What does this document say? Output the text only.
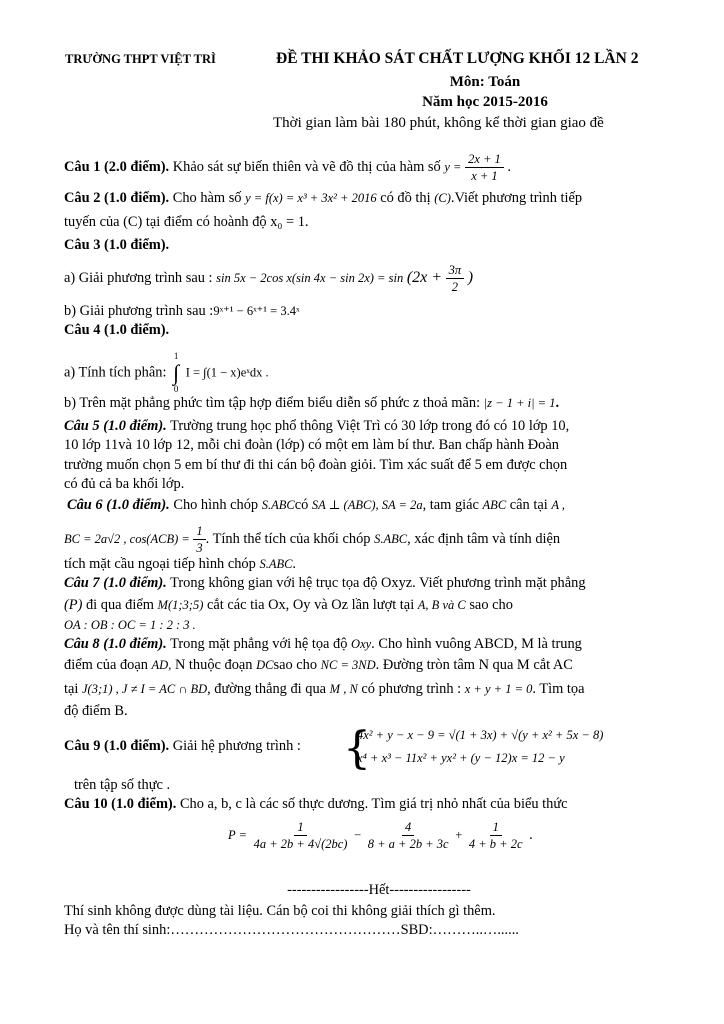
TRƯỜNG THPT VIỆT TRÌ	ĐỀ THI KHẢO SÁT CHẤT LƯỢNG KHỐI 12 LẦN 2
Môn: Toán
Năm học 2015-2016
Thời gian làm bài 180 phút, không kể thời gian giao đề
Câu 1 (2.0 điểm). Khảo sát sự biến thiên và vẽ đồ thị của hàm số $y = \frac{2x + 1}{x + 1}$ .
Câu 2 (1.0 điểm). Cho hàm số y = f(x) = x³ + 3x² + 2016 có đồ thị (C).Viết phương trình tiếp
tuyến của (C) tại điểm có hoành độ x₀ = 1.
Câu 3 (1.0 điểm).
a) Giải phương trình sau : sin 5x − 2cos x(sin $4x - \sin 2x) = \sin (2x + \frac{3\pi}{2}$ )
b) Giải phương trình sau :9ˣ⁺¹ − 6ˣ⁺¹ = 3.4ˣ
Câu 4 (1.0 điểm).
a) Tính tích phân:
1
∫
0
I = ∫(1 − x)eˣdx .
b) Trên mặt phẳng phức tìm tập hợp điểm biểu diễn số phức z thoả mãn: |z − 1 + i| = 1.
Câu 5 (1.0 điểm). Trường trung học phổ thông Việt Trì có 30 lớp trong đó có 10 lớp 10,
10 lớp 11và 10 lớp 12, mỗi chi đoàn (lớp) có một em làm bí thư. Ban chấp hành Đoàn
trường muốn chọn 5 em bí thư đi thi cán bộ đoàn giỏi. Tìm xác suất để 5 em được chọn
có đủ cả ba khối lớp.
Câu 6 (1.0 điểm). Cho hình chóp S.ABCcó SA ⊥ (ABC), SA = 2a, tam giác ABC cân tại A ,
BC = 2a√2 , $\cos(ACB) = \frac{1}{3}$ . Tính thể tích của khối chóp S.ABC, xác định tâm và tính diện
tích mặt cầu ngoại tiếp hình chóp S.ABC.
Câu 7 (1.0 điểm). Trong không gian với hệ trục tọa độ Oxyz. Viết phương trình mặt phẳng
(P) đi qua điểm M(1;3;5) cắt các tia Ox, Oy và Oz lần lượt tại A, B và C sao cho
OA : OB : OC = 1 : 2 : 3 .
Câu 8 (1.0 điểm). Trong mặt phẳng với hệ tọa độ Oxy. Cho hình vuông ABCD, M là trung
điểm của đoạn AD, N thuộc đoạn DCsao cho NC = 3ND. Đường tròn tâm N qua M cắt AC
tại J(3;1) , J ≠ I = AC ∩ BD, đường thẳng đi qua M , N có phương trình : x + y + 1 = 0. Tìm tọa
độ điểm B.
Câu 9 (1.0 điểm). Giải hệ phương trình : {
4x² + y − x − 9 = √(1 + 3x) + √(y + x² + 5x − 8)
x⁴ + x³ − 11x² + yx² + (y − 12)x = 12 − y
trên tập số thực .
Câu 10 (1.0 điểm). Cho a, b, c là các số thực dương. Tìm giá trị nhỏ nhất của biểu thức
$P = \frac{1}{4a + 2b + 4√(2bc)} - \frac{4}{8 + a + 2b + 3c} + \frac{1}{4 + b + 2c}$ .
-----------------Hết-----------------
Thí sinh không được dùng tài liệu. Cán bộ coi thi không giải thích gì thêm.
Họ và tên thí sinh:…………………………………………SBD:………..…......
